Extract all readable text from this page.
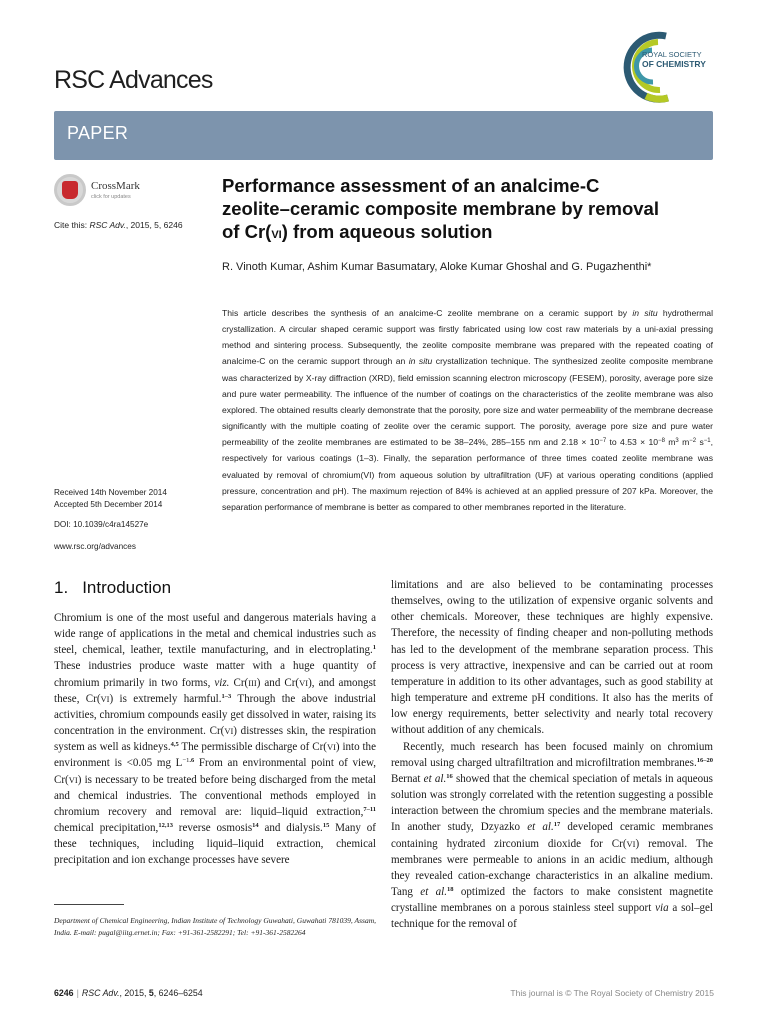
RSC Advances
ROYAL SOCIETY
OF CHEMISTRY
PAPER
CrossMark
click for updates
Cite this: RSC Adv., 2015, 5, 6246
Performance assessment of an analcime-C zeolite–ceramic composite membrane by removal of Cr(vi) from aqueous solution
R. Vinoth Kumar, Ashim Kumar Basumatary, Aloke Kumar Ghoshal and G. Pugazhenthi*
This article describes the synthesis of an analcime-C zeolite membrane on a ceramic support by in situ hydrothermal crystallization. A circular shaped ceramic support was firstly fabricated using low cost raw materials by a uni-axial pressing method and sintering process. Subsequently, the zeolite composite membrane was prepared with the repeated coating of analcime-C on the ceramic support through an in situ crystallization technique. The synthesized zeolite composite membrane was characterized by X-ray diffraction (XRD), field emission scanning electron microscopy (FESEM), porosity, average pore size and pure water permeability. The influence of the number of coatings on the characteristics of the zeolite membrane was also explored. The obtained results clearly demonstrate that the porosity, pore size and water permeability of the membrane decrease significantly with the multiple coating of zeolite over the ceramic support. The porosity, average pore size and pure water permeability of the zeolite membranes are estimated to be 38–24%, 285–155 nm and $2.18 \times 10^{-7}$ to $4.53 \times 10^{-8}$ $m^3$ $m^{-2}$ $s^{-1}$, respectively for various coatings (1–3). Finally, the separation performance of three times coated zeolite membrane was evaluated by removal of chromium(VI) from aqueous solution by ultrafiltration (UF) at various operating conditions (applied pressure, concentration and pH). The maximum rejection of 84% is achieved at an applied pressure of 207 kPa. Moreover, the separation performance of membrane is better as compared to other membranes reported in the literature.
Received 14th November 2014
Accepted 5th December 2014
DOI: 10.1039/c4ra14527e
www.rsc.org/advances
1. Introduction
Chromium is one of the most useful and dangerous materials having a wide range of applications in the metal and chemical industries such as steel, chemical, leather, textile manufacturing, and in electroplating.$^1$ These industries produce waste matter with a huge quantity of chromium primarily in two forms, viz. Cr(III) and Cr(VI), and amongst these, Cr(VI) is extremely harmful.$^{1-3}$ Through the above industrial activities, chromium compounds easily get dissolved in water, raising its concentration in the environment. Cr(VI) distresses skin, the respiration system as well as kidneys.$^{4,5}$ The permissible discharge of Cr(VI) into the environment is <0.05 mg $L^{-1.6}$ From an environmental point of view, Cr(VI) is necessary to be treated before being discharged from the metal and chemical industries. The conventional methods employed in chromium recovery and removal are: liquid–liquid extraction,$^{7-11}$ chemical precipitation,$^{12,13}$ reverse osmosis$^{14}$ and dialysis.$^{15}$ Many of these techniques, including liquid–liquid extraction, chemical precipitation and ion exchange processes have severe
limitations and are also believed to be contaminating processes themselves, owing to the utilization of expensive organic solvents and other chemicals. Moreover, these techniques are highly expensive. Therefore, the necessity of finding cheaper and non-polluting methods has led to the development of the membrane separation process. This process is very attractive, inexpensive and can be carried out at room temperature in addition to its other advantages, such as good stability at high temperature and extreme pH conditions. It also has the merits of low energy requirements, better selectivity and nearly total recovery without addition of any chemicals.
Recently, much research has been focused mainly on chromium removal using charged ultrafiltration and microfiltration membranes.$^{16-20}$ Bernat et al.$^{16}$ showed that the chemical speciation of metals in aqueous solution was strongly correlated with the retention suggesting a possible interaction between the chromium species and the membrane materials. In another study, Dzyazko et al.$^{17}$ developed ceramic membranes containing hydrated zirconium dioxide for Cr(VI) removal. The membranes were permeable to anions in an acidic medium, although they revealed cation-exchange characteristics in an alkaline medium. Tang et al.$^{18}$ optimized the factors to make consistent magnetite crystalline membranes on a porous stainless steel support via a sol–gel technique for the removal of
Department of Chemical Engineering, Indian Institute of Technology Guwahati, Guwahati 781039, Assam, India. E-mail: pugal@iitg.ernet.in; Fax: +91-361-2582291; Tel: +91-361-2582264
6246 | RSC Adv., 2015, 5, 6246–6254	This journal is © The Royal Society of Chemistry 2015
